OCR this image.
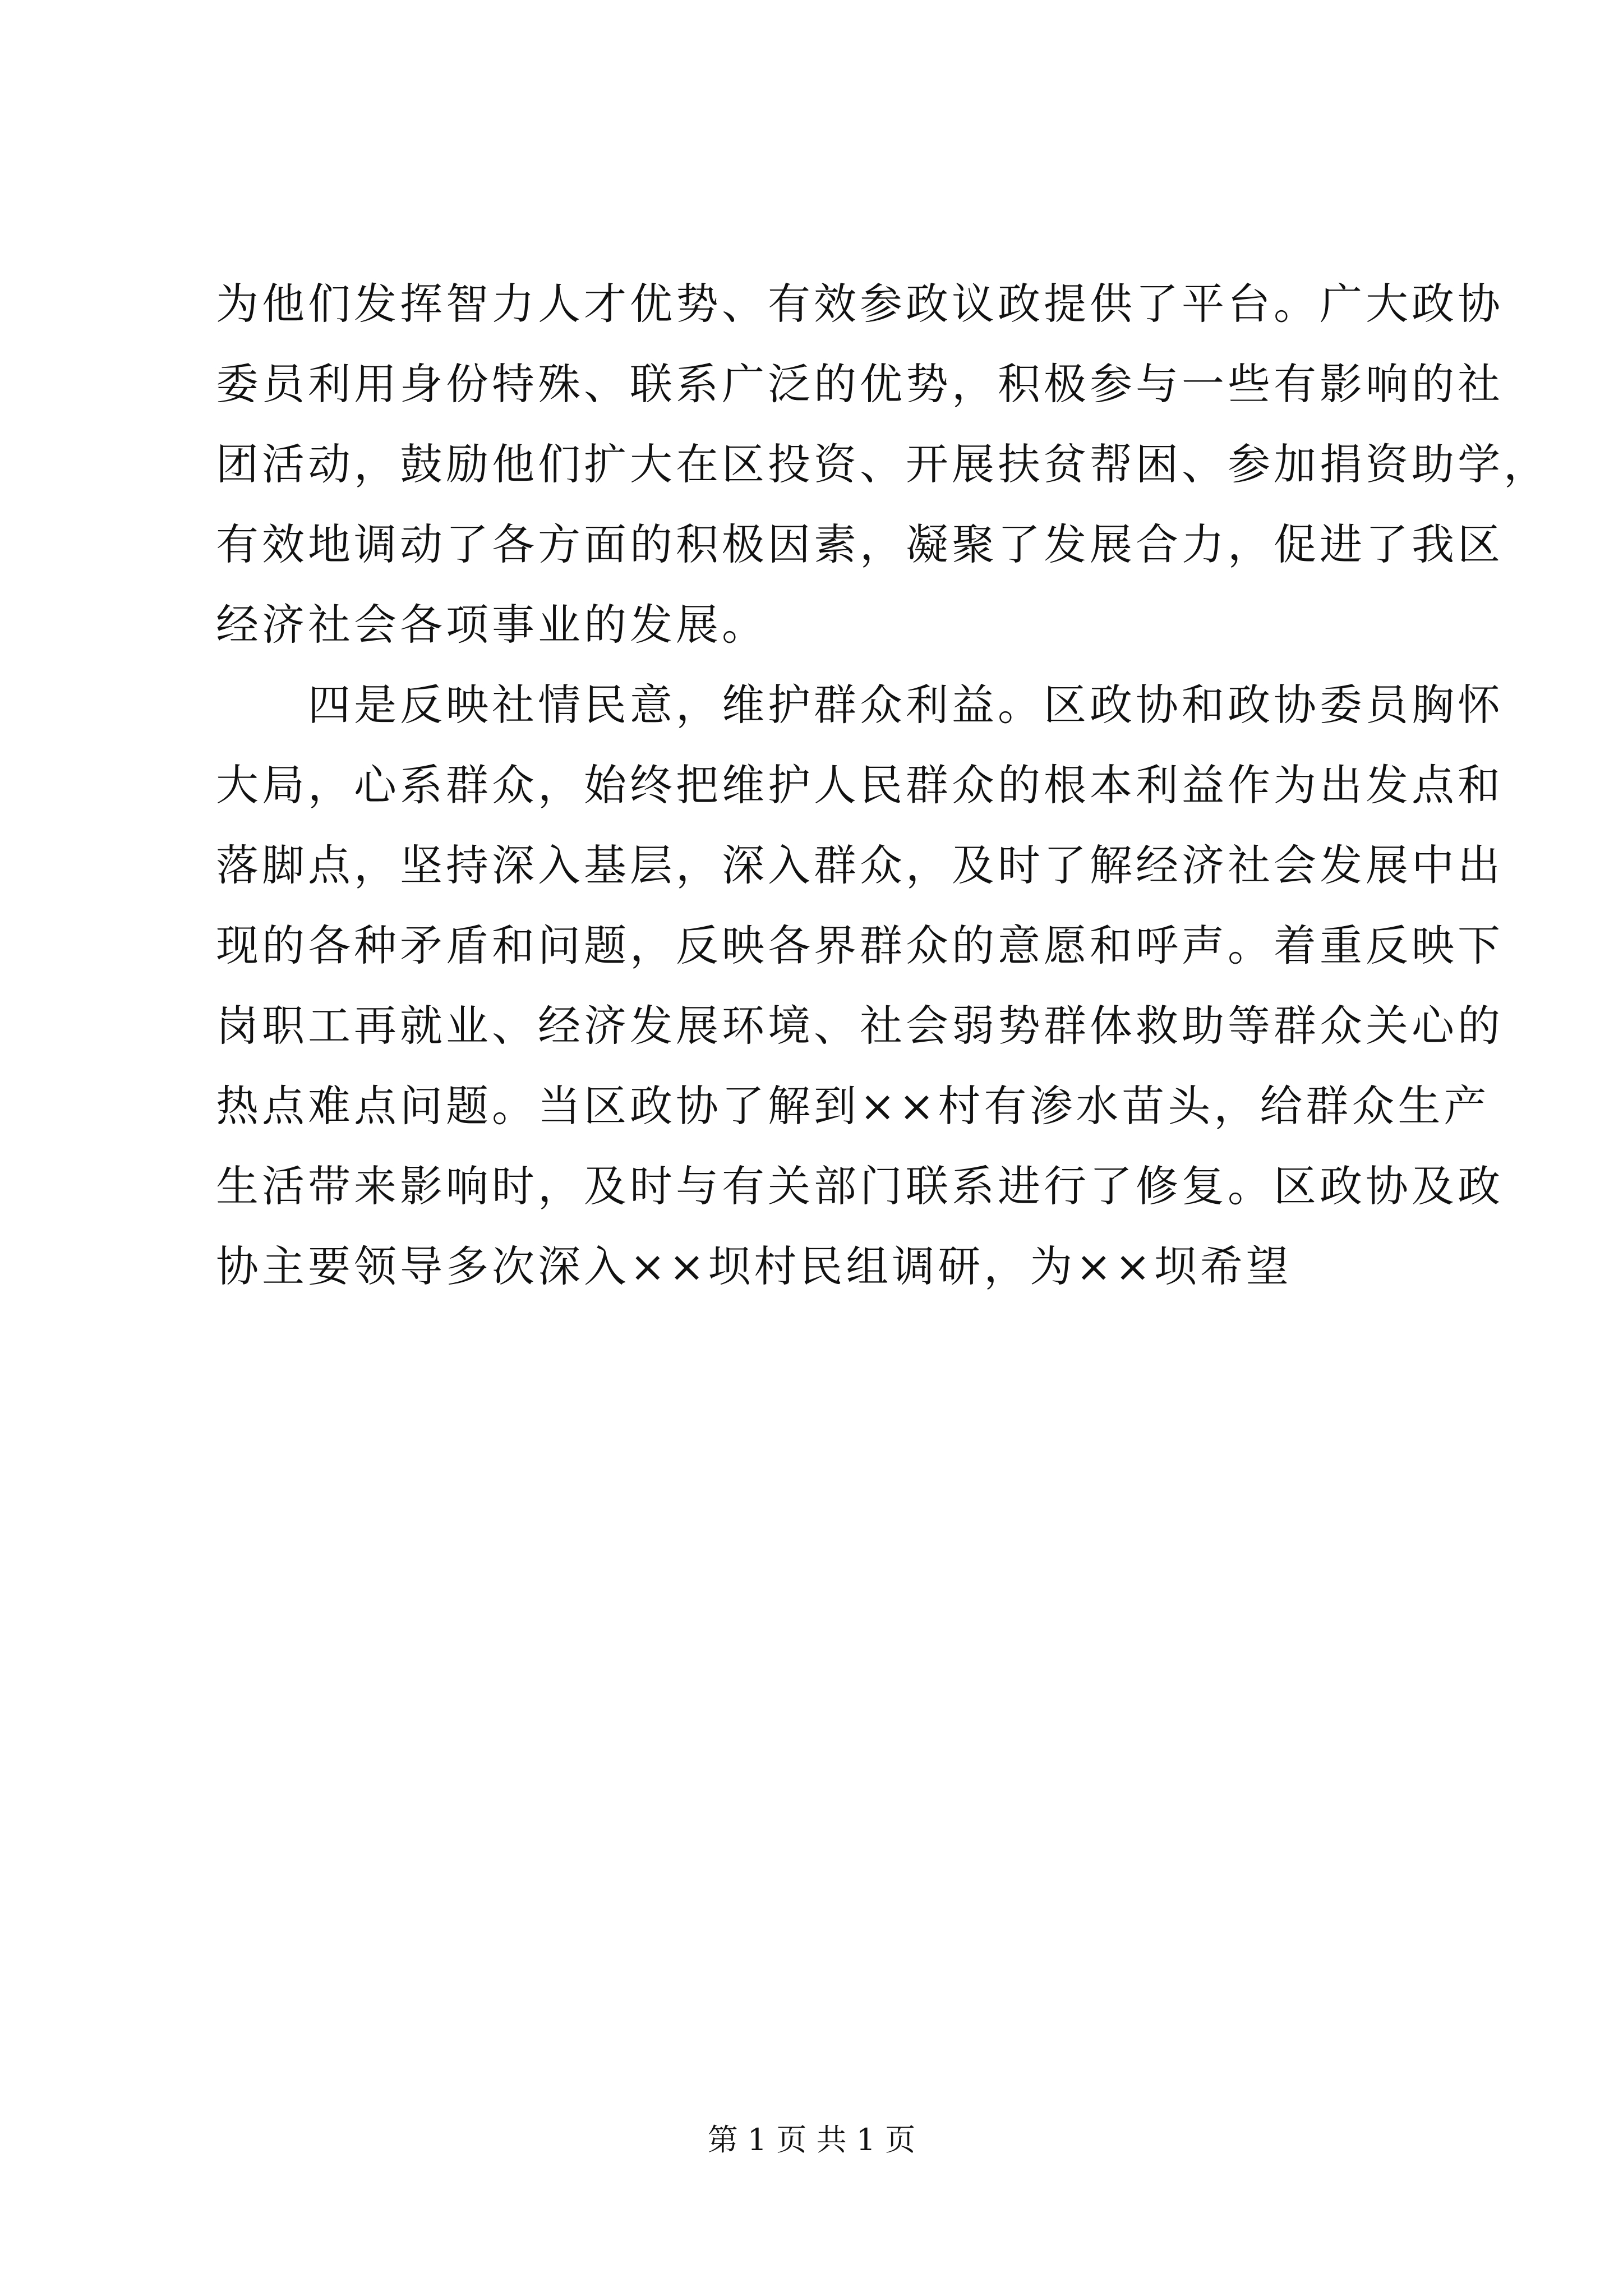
为他们发挥智力人才优势、有效参政议政提供了平台。广大政协
委员利用身份特殊、联系广泛的优势，积极参与一些有影响的社
团活动，鼓励他们扩大在区投资、开展扶贫帮困、参加捐资助学，
有效地调动了各方面的积极因素，凝聚了发展合力，促进了我区
经济社会各项事业的发展。
　　四是反映社情民意，维护群众利益。区政协和政协委员胸怀
大局，心系群众，始终把维护人民群众的根本利益作为出发点和
落脚点，坚持深入基层，深入群众，及时了解经济社会发展中出
现的各种矛盾和问题，反映各界群众的意愿和呼声。着重反映下
岗职工再就业、经济发展环境、社会弱势群体救助等群众关心的
热点难点问题。当区政协了解到××村有渗水苗头，给群众生产
生活带来影响时，及时与有关部门联系进行了修复。区政协及政
协主要领导多次深入××坝村民组调研，为××坝希望
第 1 页 共 1 页
